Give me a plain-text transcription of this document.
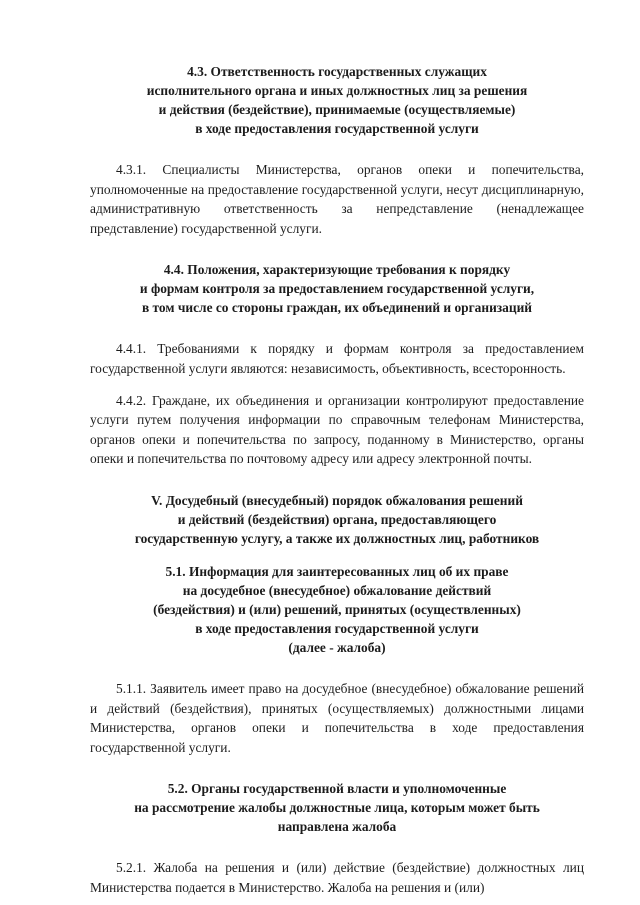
4.3. Ответственность государственных служащих
исполнительного органа и иных должностных лиц за решения
и действия (бездействие), принимаемые (осуществляемые)
в ходе предоставления государственной услуги

4.3.1. Специалисты Министерства, органов опеки и попечительства, уполномоченные на предоставление государственной услуги, несут дисциплинарную, административную ответственность за непредставление (ненадлежащее представление) государственной услуги.

4.4. Положения, характеризующие требования к порядку
и формам контроля за предоставлением государственной услуги,
в том числе со стороны граждан, их объединений и организаций

4.4.1. Требованиями к порядку и формам контроля за предоставлением государственной услуги являются: независимость, объективность, всесторонность.

4.4.2. Граждане, их объединения и организации контролируют предоставление услуги путем получения информации по справочным телефонам Министерства, органов опеки и попечительства по запросу, поданному в Министерство, органы опеки и попечительства по почтовому адресу или адресу электронной почты.

V. Досудебный (внесудебный) порядок обжалования решений
и действий (бездействия) органа, предоставляющего
государственную услугу, а также их должностных лиц, работников
5.1. Информация для заинтересованных лиц об их праве
на досудебное (внесудебное) обжалование действий
(бездействия) и (или) решений, принятых (осуществленных)
в ходе предоставления государственной услуги
(далее - жалоба)

5.1.1. Заявитель имеет право на досудебное (внесудебное) обжалование решений и действий (бездействия), принятых (осуществляемых) должностными лицами Министерства, органов опеки и попечительства в ходе предоставления государственной услуги.

5.2. Органы государственной власти и уполномоченные
на рассмотрение жалобы должностные лица, которым может быть
направлена жалоба

5.2.1. Жалоба на решения и (или) действие (бездействие) должностных лиц Министерства подается в Министерство. Жалоба на решения и (или)
